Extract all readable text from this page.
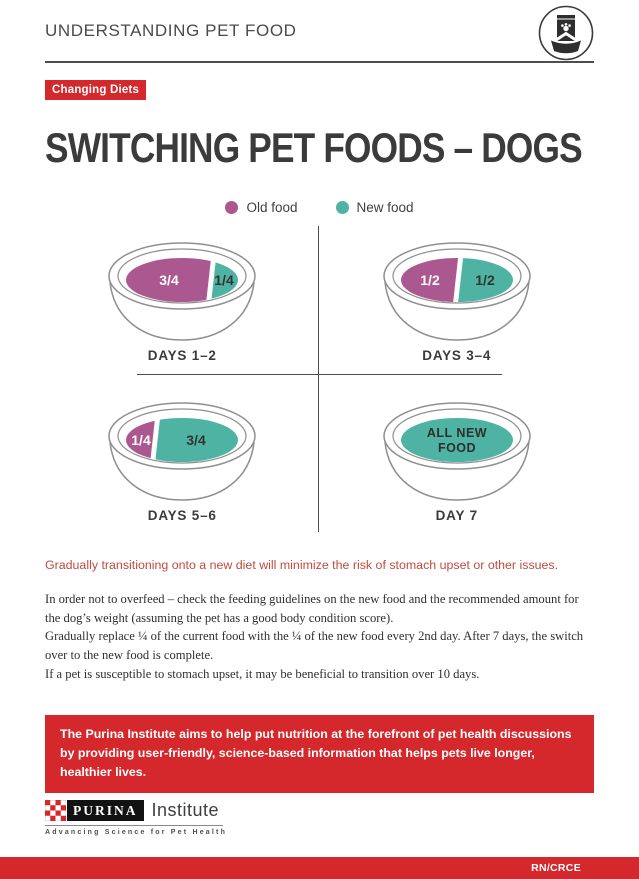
UNDERSTANDING PET FOOD
Changing Diets
SWITCHING PET FOODS – DOGS
Old food	New food
3/4	1/4
DAYS 1–2
1/2	1/2
DAYS 3–4
1/4	3/4
DAYS 5–6
ALL NEW
FOOD
DAY 7
Gradually transitioning onto a new diet will minimize the risk of stomach upset or other issues.
In order not to overfeed – check the feeding guidelines on the new food and the recommended amount for the dog’s weight (assuming the pet has a good body condition score).
Gradually replace ¼ of the current food with the ¼ of the new food every 2nd day. After 7 days, the switch over to the new food is complete.
If a pet is susceptible to stomach upset, it may be beneficial to transition over 10 days.
The Purina Institute aims to help put nutrition at the forefront of pet health discussions by providing user-friendly, science-based information that helps pets live longer, healthier lives.
PURINA Institute
Advancing Science for Pet Health
RN/CRCE
